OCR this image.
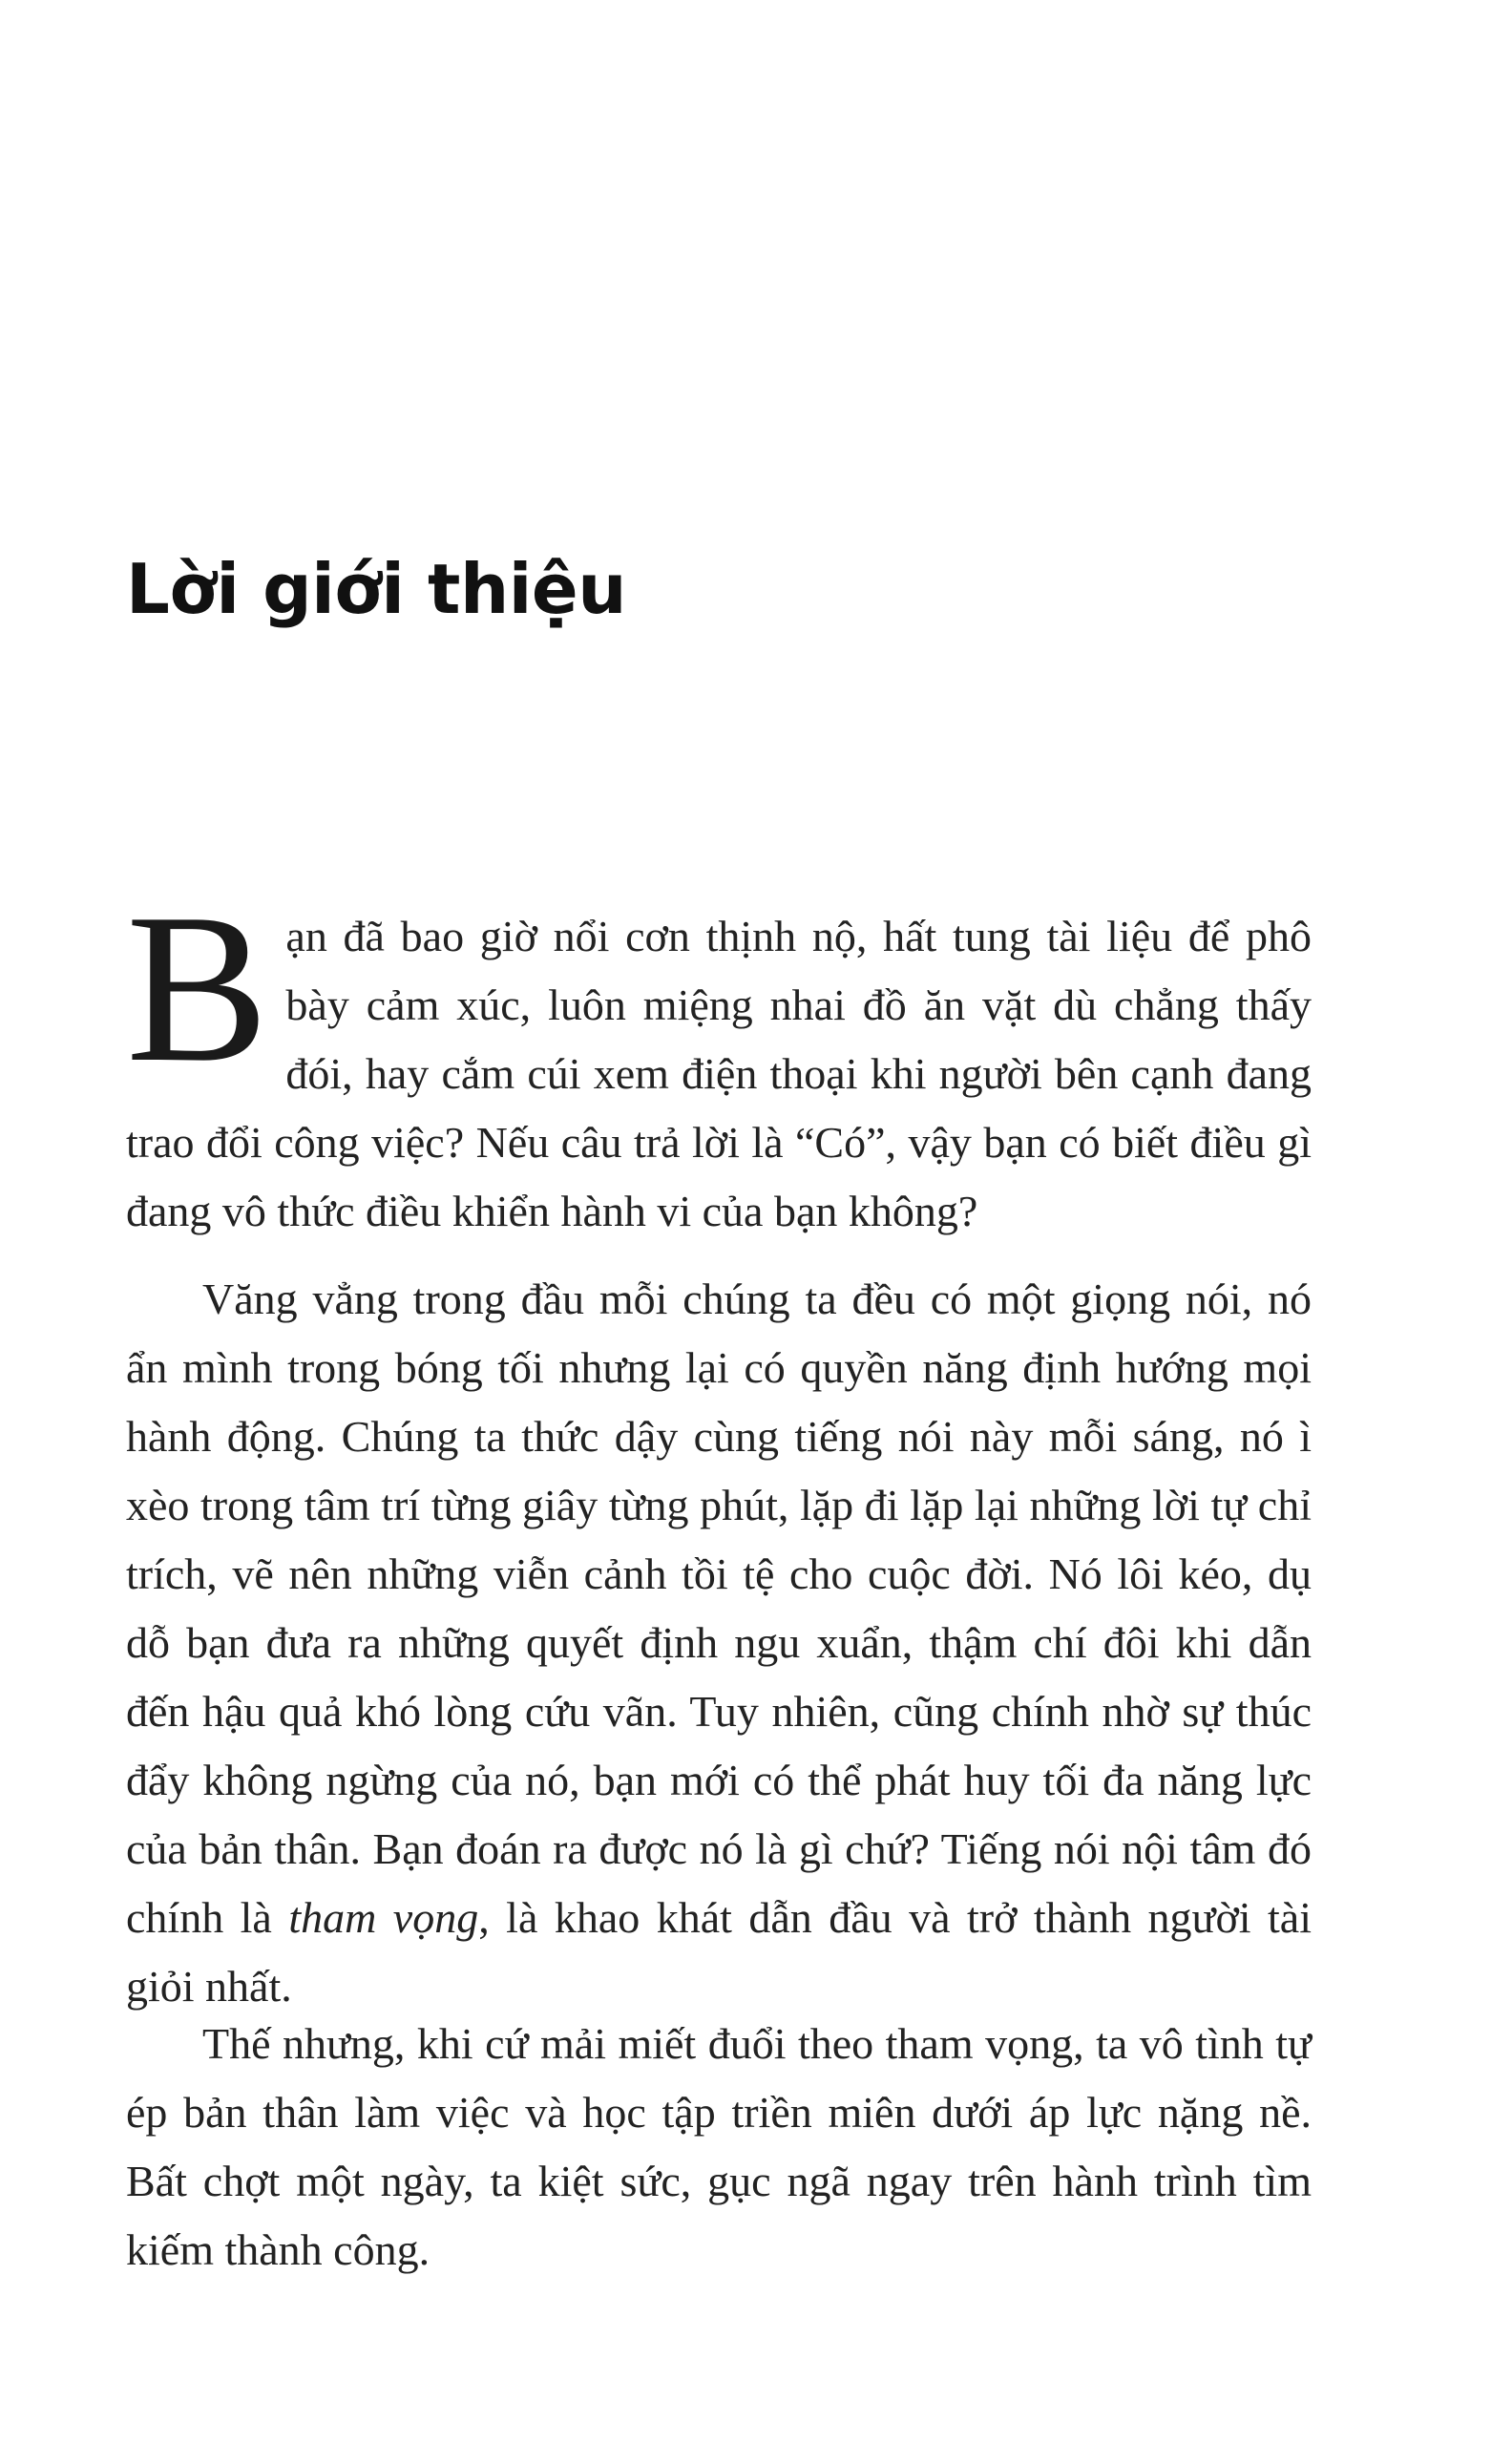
Lời giới thiệu

Bạn đã bao giờ nổi cơn thịnh nộ, hất tung tài liệu để phô bày cảm xúc, luôn miệng nhai đồ ăn vặt dù chẳng thấy đói, hay cắm cúi xem điện thoại khi người bên cạnh đang trao đổi công việc? Nếu câu trả lời là “Có”, vậy bạn có biết điều gì đang vô thức điều khiển hành vi của bạn không?

Văng vẳng trong đầu mỗi chúng ta đều có một giọng nói, nó ẩn mình trong bóng tối nhưng lại có quyền năng định hướng mọi hành động. Chúng ta thức dậy cùng tiếng nói này mỗi sáng, nó ì xèo trong tâm trí từng giây từng phút, lặp đi lặp lại những lời tự chỉ trích, vẽ nên những viễn cảnh tồi tệ cho cuộc đời. Nó lôi kéo, dụ dỗ bạn đưa ra những quyết định ngu xuẩn, thậm chí đôi khi dẫn đến hậu quả khó lòng cứu vãn. Tuy nhiên, cũng chính nhờ sự thúc đẩy không ngừng của nó, bạn mới có thể phát huy tối đa năng lực của bản thân. Bạn đoán ra được nó là gì chứ? Tiếng nói nội tâm đó chính là tham vọng, là khao khát dẫn đầu và trở thành người tài giỏi nhất.

Thế nhưng, khi cứ mải miết đuổi theo tham vọng, ta vô tình tự ép bản thân làm việc và học tập triền miên dưới áp lực nặng nề. Bất chợt một ngày, ta kiệt sức, gục ngã ngay trên hành trình tìm kiếm thành công.
